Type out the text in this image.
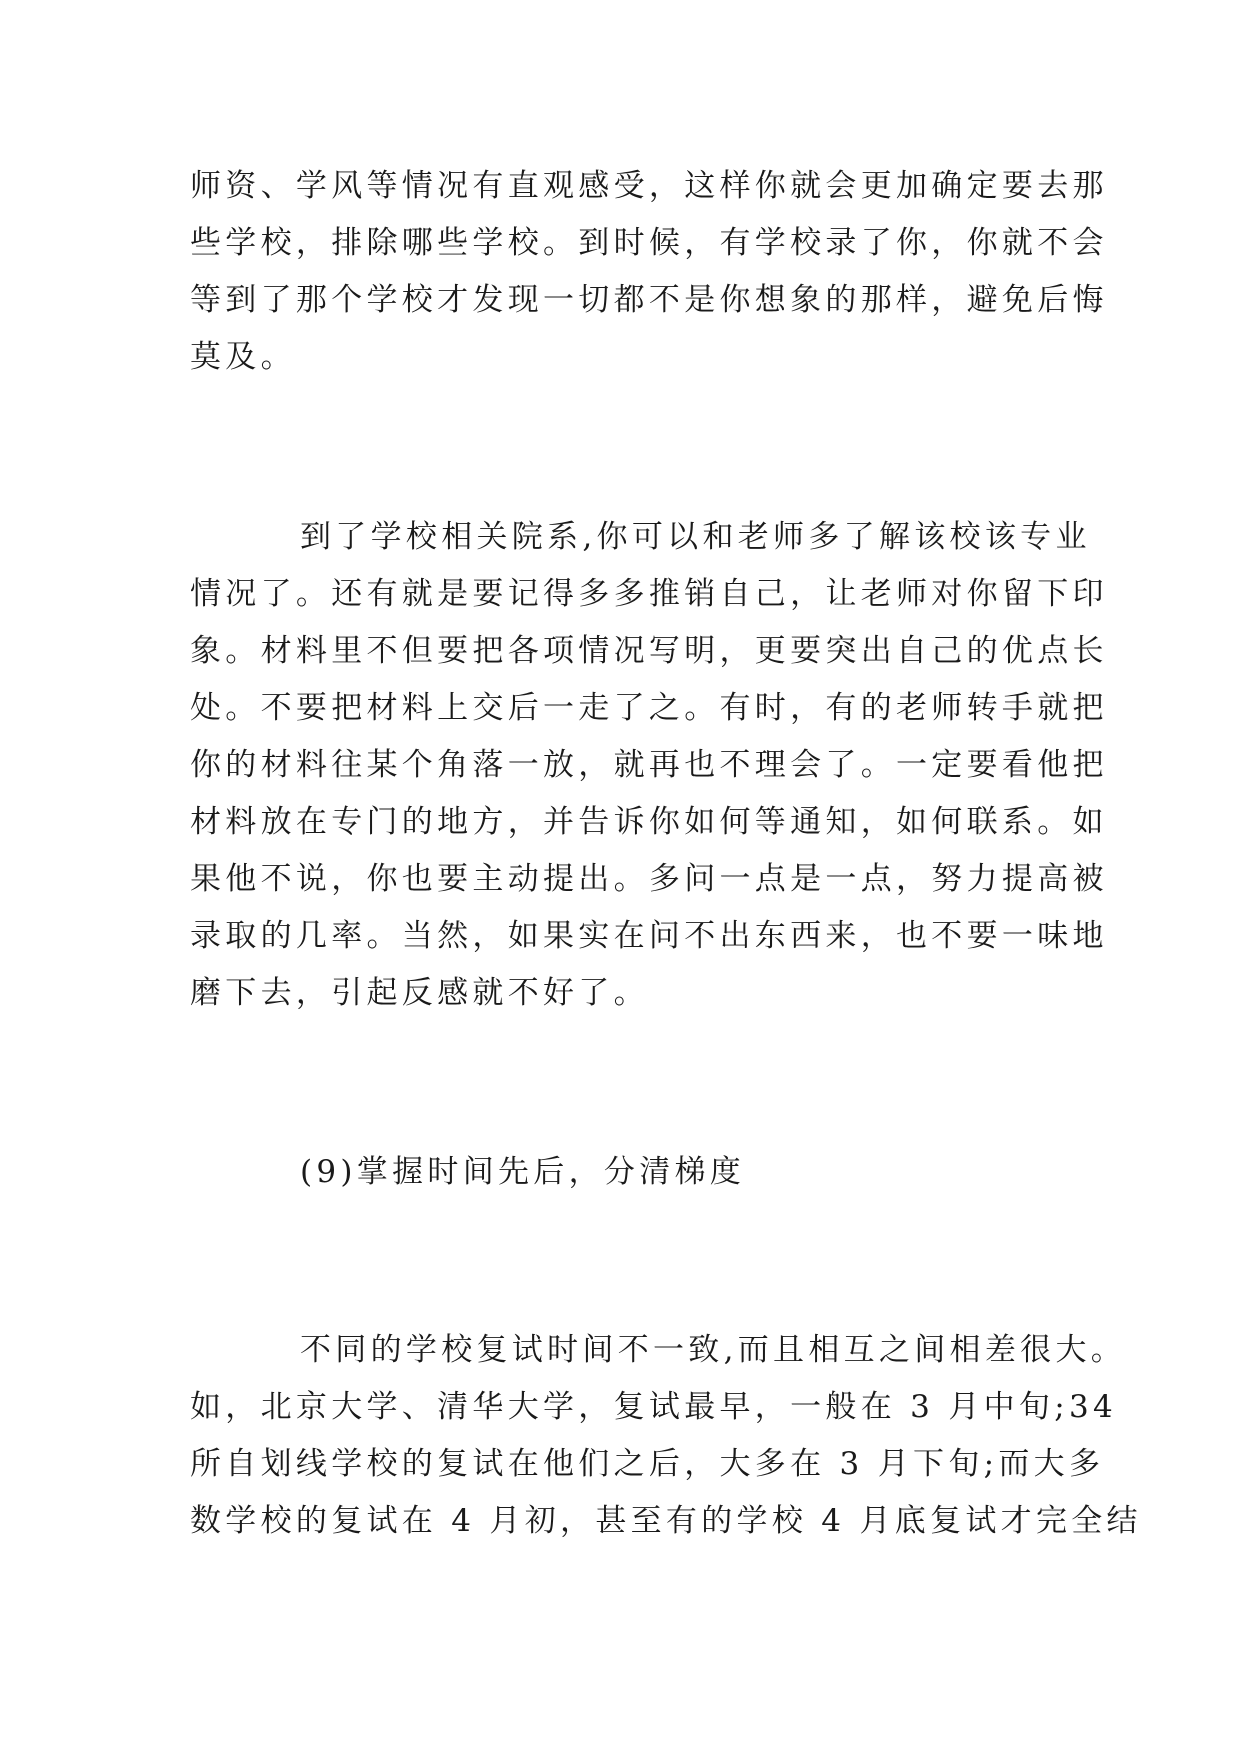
师资、学风等情况有直观感受，这样你就会更加确定要去那
些学校，排除哪些学校。到时候，有学校录了你，你就不会
等到了那个学校才发现一切都不是你想象的那样，避免后悔
莫及。
到了学校相关院系,你可以和老师多了解该校该专业
情况了。还有就是要记得多多推销自己，让老师对你留下印
象。材料里不但要把各项情况写明，更要突出自己的优点长
处。不要把材料上交后一走了之。有时，有的老师转手就把
你的材料往某个角落一放，就再也不理会了。一定要看他把
材料放在专门的地方，并告诉你如何等通知，如何联系。如
果他不说，你也要主动提出。多问一点是一点，努力提高被
录取的几率。当然，如果实在问不出东西来，也不要一味地
磨下去，引起反感就不好了。
(9)掌握时间先后，分清梯度
不同的学校复试时间不一致,而且相互之间相差很大。
如，北京大学、清华大学，复试最早，一般在 3 月中旬;34
所自划线学校的复试在他们之后，大多在 3 月下旬;而大多
数学校的复试在 4 月初，甚至有的学校 4 月底复试才完全结
